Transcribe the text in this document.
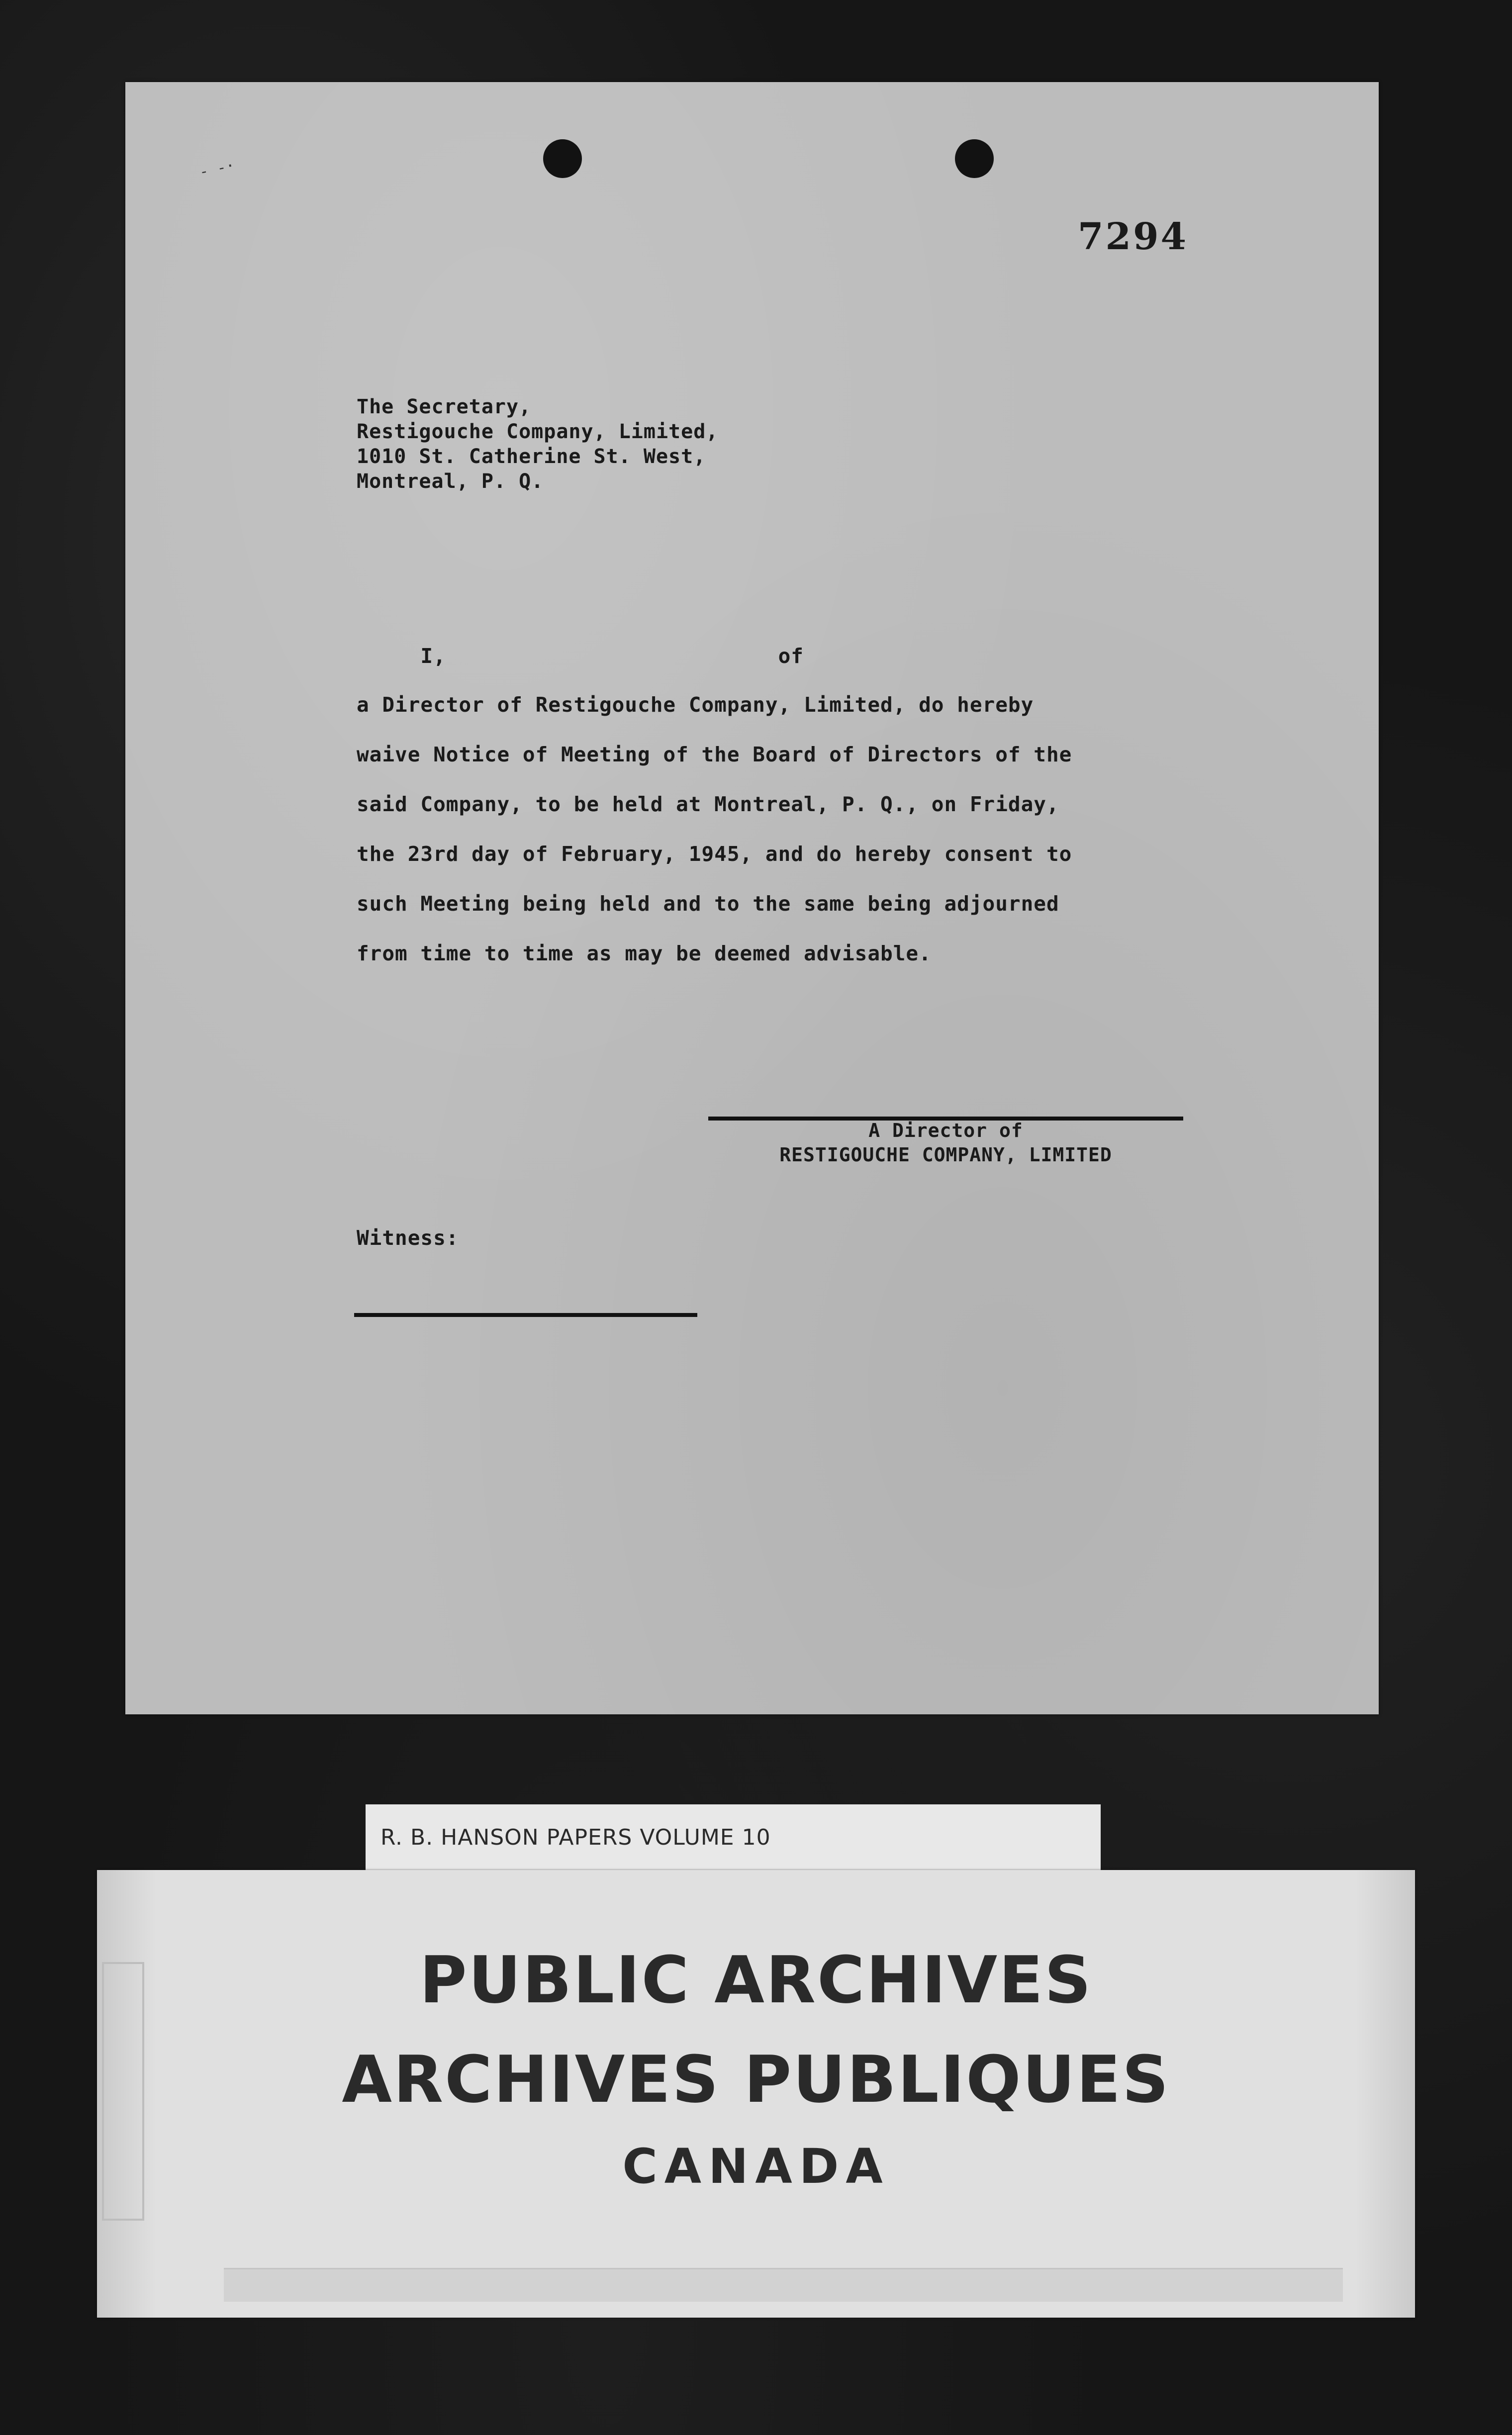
- -·
7294
The Secretary,
Restigouche Company, Limited,
1010 St. Catherine St. West,
Montreal, P. Q.
I,                          of
a Director of Restigouche Company, Limited, do hereby
waive Notice of Meeting of the Board of Directors of the
said Company, to be held at Montreal, P. Q., on Friday,
the 23rd day of February, 1945, and do hereby consent to
such Meeting being held and to the same being adjourned
from time to time as may be deemed advisable.
A Director of
RESTIGOUCHE COMPANY, LIMITED
Witness:
R. B. HANSON PAPERS VOLUME 10
PUBLIC ARCHIVES
ARCHIVES PUBLIQUES
CANADA
